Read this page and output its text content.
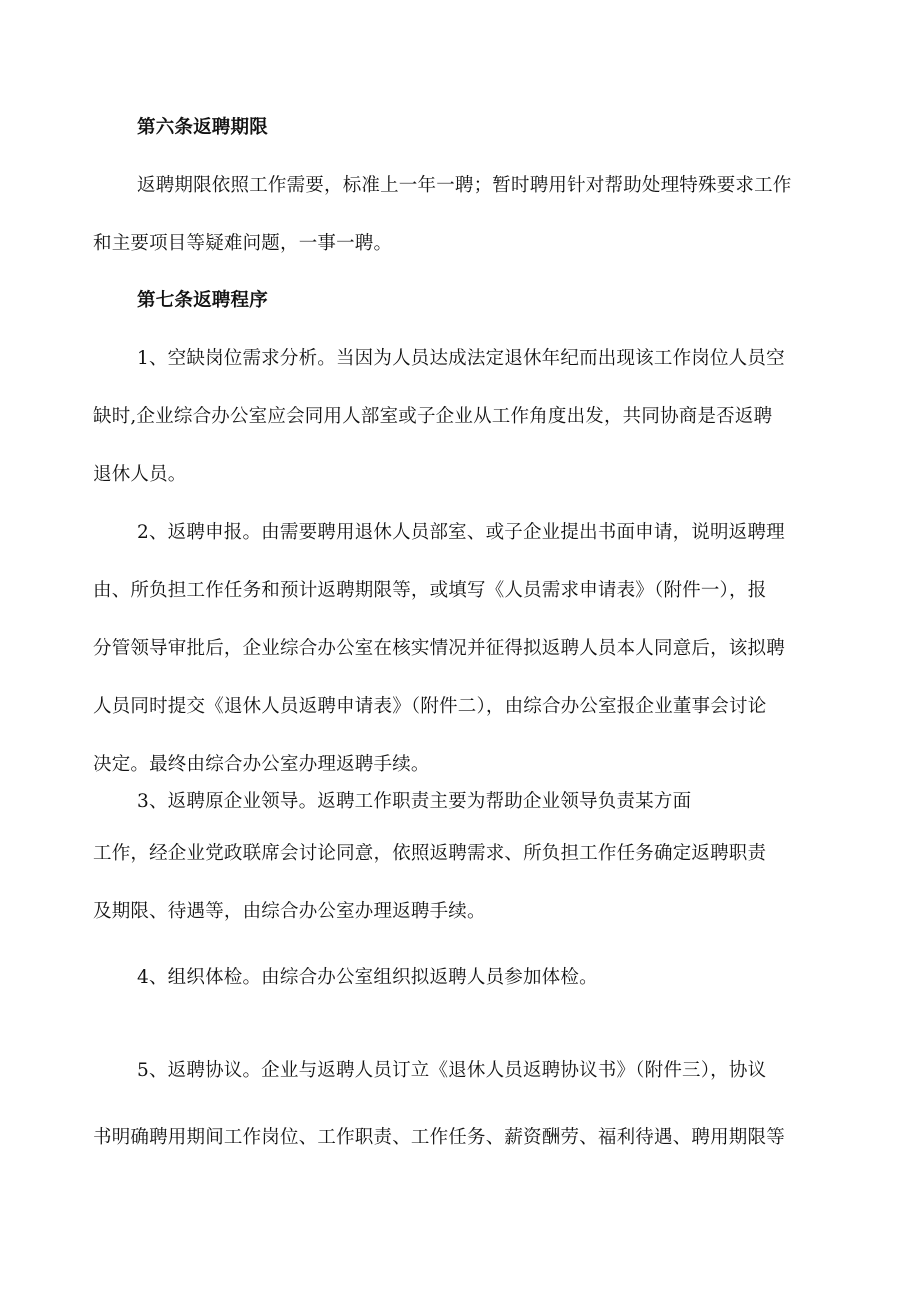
第六条返聘期限
返聘期限依照工作需要，标准上一年一聘；暂时聘用针对帮助处理特殊要求工作
和主要项目等疑难问题，一事一聘。
第七条返聘程序
1、空缺岗位需求分析。当因为人员达成法定退休年纪而出现该工作岗位人员空
缺时,企业综合办公室应会同用人部室或子企业从工作角度出发，共同协商是否返聘
退休人员。
2、返聘申报。由需要聘用退休人员部室、或子企业提出书面申请，说明返聘理
由、所负担工作任务和预计返聘期限等，或填写《人员需求申请表》（附件一），报
分管领导审批后，企业综合办公室在核实情况并征得拟返聘人员本人同意后，该拟聘
人员同时提交《退休人员返聘申请表》（附件二），由综合办公室报企业董事会讨论
决定。最终由综合办公室办理返聘手续。
3、返聘原企业领导。返聘工作职责主要为帮助企业领导负责某方面
工作，经企业党政联席会讨论同意，依照返聘需求、所负担工作任务确定返聘职责
及期限、待遇等，由综合办公室办理返聘手续。
4、组织体检。由综合办公室组织拟返聘人员参加体检。
5、返聘协议。企业与返聘人员订立《退休人员返聘协议书》（附件三），协议
书明确聘用期间工作岗位、工作职责、工作任务、薪资酬劳、福利待遇、聘用期限等
